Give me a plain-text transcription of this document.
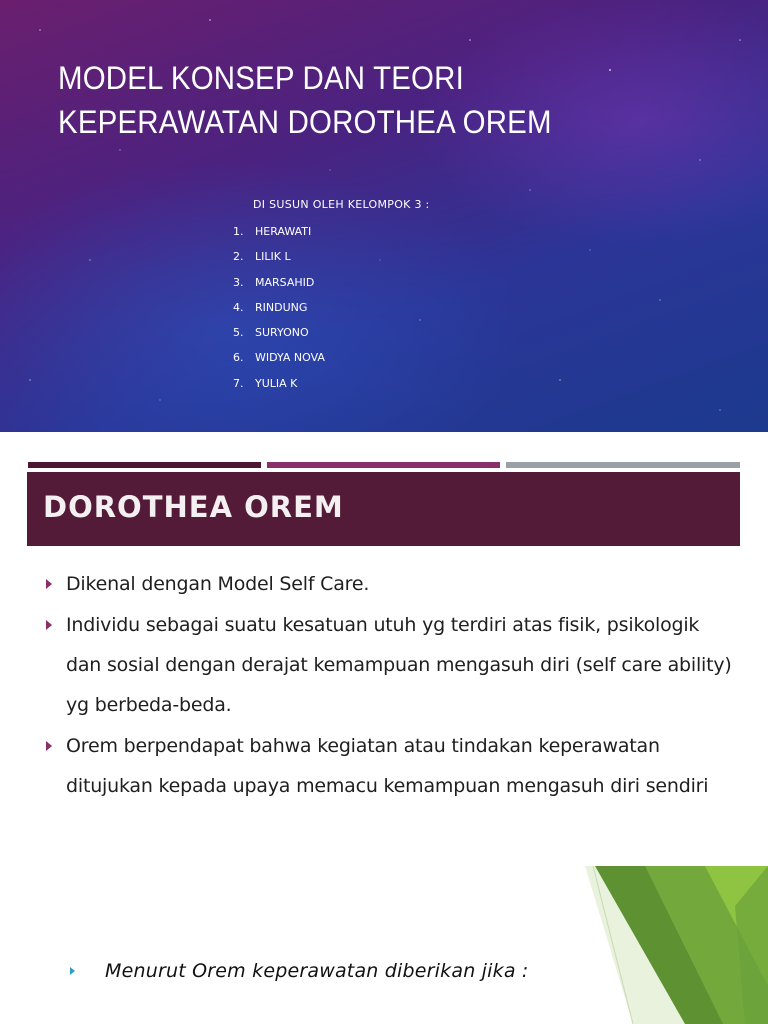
MODEL KONSEP DAN TEORI
KEPERAWATAN DOROTHEA OREM
DI SUSUN OLEH KELOMPOK 3 :
1.	HERAWATI
2.	LILIK L
3.	MARSAHID
4.	RINDUNG
5.	SURYONO
6.	WIDYA NOVA
7.	YULIA K
DOROTHEA OREM
Dikenal dengan Model Self Care.
Individu sebagai suatu kesatuan utuh yg terdiri atas fisik, psikologik dan sosial dengan derajat kemampuan mengasuh diri (self care ability) yg berbeda-beda.
Orem berpendapat bahwa kegiatan atau tindakan keperawatan ditujukan kepada upaya memacu kemampuan mengasuh diri sendiri
Menurut Orem keperawatan diberikan jika :
